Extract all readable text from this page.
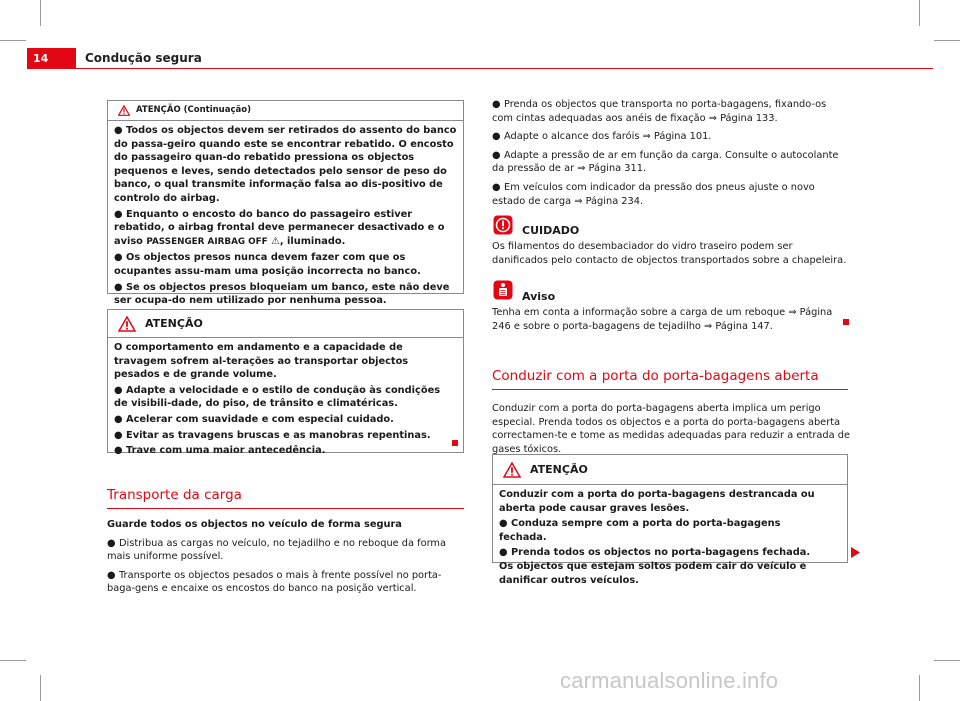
14	Condução segura
ATENÇÃO (Continuação)

● Todos os objectos devem ser retirados do assento do banco do passa-geiro quando este se encontrar rebatido. O encosto do passageiro quan-do rebatido pressiona os objectos pequenos e leves, sendo detectados pelo sensor de peso do banco, o qual transmite informação falsa ao dis-positivo de controlo do airbag.

● Enquanto o encosto do banco do passageiro estiver rebatido, o airbag frontal deve permanecer desactivado e o aviso PASSENGER AIRBAG OFF ⚠, iluminado.

● Os objectos presos nunca devem fazer com que os ocupantes assu-mam uma posição incorrecta no banco.

● Se os objectos presos bloqueiam um banco, este não deve ser ocupa-do nem utilizado por nenhuma pessoa.

ATENÇÃO

O comportamento em andamento e a capacidade de travagem sofrem al-terações ao transportar objectos pesados e de grande volume.

● Adapte a velocidade e o estilo de condução às condições de visibili-dade, do piso, de trânsito e climatéricas.

● Acelerar com suavidade e com especial cuidado.

● Evitar as travagens bruscas e as manobras repentinas.

● Trave com uma maior antecedência.

Transporte da carga

Guarde todos os objectos no veículo de forma segura

● Distribua as cargas no veículo, no tejadilho e no reboque da forma mais uniforme possível.

● Transporte os objectos pesados o mais à frente possível no porta-baga-gens e encaixe os encostos do banco na posição vertical.

● Prenda os objectos que transporta no porta-bagagens, fixando-os com cintas adequadas aos anéis de fixação ⇒ Página 133.

● Adapte o alcance dos faróis ⇒ Página 101.

● Adapte a pressão de ar em função da carga. Consulte o autocolante da pressão de ar ⇒ Página 311.

● Em veículos com indicador da pressão dos pneus ajuste o novo estado de carga ⇒ Página 234.

CUIDADO
Os filamentos do desembaciador do vidro traseiro podem ser danificados pelo contacto de objectos transportados sobre a chapeleira.
Aviso
Tenha em conta a informação sobre a carga de um reboque ⇒ Página 246 e sobre o porta-bagagens de tejadilho ⇒ Página 147.
Conduzir com a porta do porta-bagagens aberta
Conduzir com a porta do porta-bagagens aberta implica um perigo especial. Prenda todos os objectos e a porta do porta-bagagens aberta correctamen-te e tome as medidas adequadas para reduzir a entrada de gases tóxicos.
ATENÇÃO

Conduzir com a porta do porta-bagagens destrancada ou aberta pode causar graves lesões.

● Conduza sempre com a porta do porta-bagagens fechada.

● Prenda todos os objectos no porta-bagagens fechada. Os objectos que estejam soltos podem cair do veículo e danificar outros veículos.

carmanualsonline.info
